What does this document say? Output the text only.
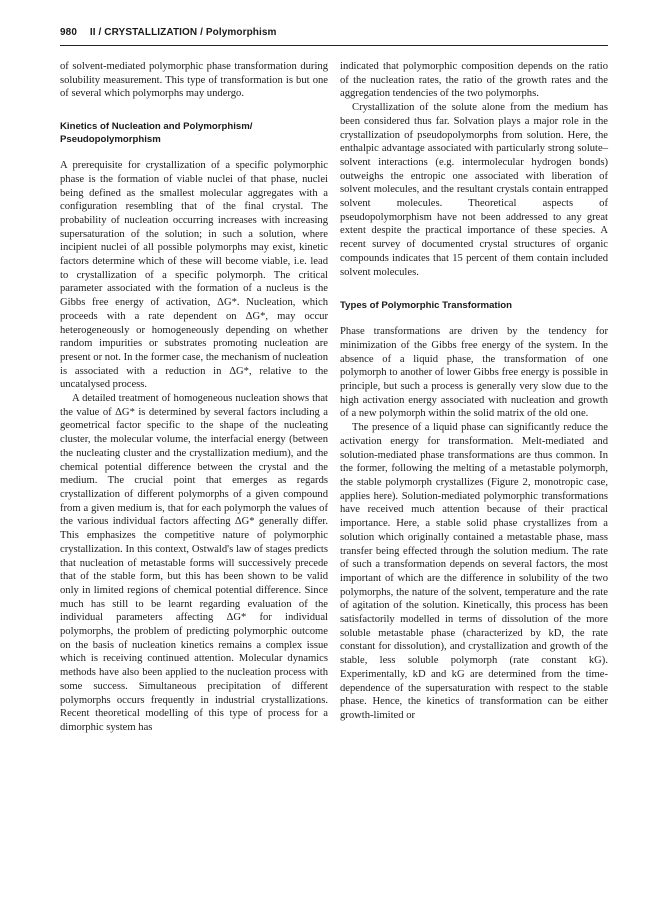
980 II / CRYSTALLIZATION / Polymorphism

of solvent-mediated polymorphic phase transformation during solubility measurement. This type of transformation is but one of several which polymorphs may undergo.

Kinetics of Nucleation and Polymorphism/ Pseudopolymorphism

A prerequisite for crystallization of a specific polymorphic phase is the formation of viable nuclei of that phase, nuclei being defined as the smallest molecular aggregates with a configuration resembling that of the final crystal. The probability of nucleation occurring increases with increasing supersaturation of the solution; in such a solution, where incipient nuclei of all possible polymorphs may exist, kinetic factors determine which of these will become viable, i.e. lead to crystallization of a specific polymorph. The critical parameter associated with the formation of a nucleus is the Gibbs free energy of activation, ΔG*. Nucleation, which proceeds with a rate dependent on ΔG*, may occur heterogeneously or homogeneously depending on whether random impurities or substrates promoting nucleation are present or not. In the former case, the mechanism of nucleation is associated with a reduction in ΔG*, relative to the uncatalysed process.

A detailed treatment of homogeneous nucleation shows that the value of ΔG* is determined by several factors including a geometrical factor specific to the shape of the nucleating cluster, the molecular volume, the interfacial energy (between the nucleating cluster and the crystallization medium), and the chemical potential difference between the crystal and the medium. The crucial point that emerges as regards crystallization of different polymorphs of a given compound from a given medium is, that for each polymorph the values of the various individual factors affecting ΔG* generally differ. This emphasizes the competitive nature of polymorphic crystallization. In this context, Ostwald's law of stages predicts that nucleation of metastable forms will successively precede that of the stable form, but this has been shown to be valid only in limited regions of chemical potential difference. Since much has still to be learnt regarding evaluation of the individual parameters affecting ΔG* for individual polymorphs, the problem of predicting polymorphic outcome on the basis of nucleation kinetics remains a complex issue which is receiving continued attention. Molecular dynamics methods have also been applied to the nucleation process with some success. Simultaneous precipitation of different polymorphs occurs frequently in industrial crystallizations. Recent theoretical modelling of this type of process for a dimorphic system has

indicated that polymorphic composition depends on the ratio of the nucleation rates, the ratio of the growth rates and the aggregation tendencies of the two polymorphs.

Crystallization of the solute alone from the medium has been considered thus far. Solvation plays a major role in the crystallization of pseudopolymorphs from solution. Here, the enthalpic advantage associated with particularly strong solute–solvent interactions (e.g. intermolecular hydrogen bonds) outweighs the entropic one associated with liberation of solvent molecules, and the resultant crystals contain entrapped solvent molecules. Theoretical aspects of pseudopolymorphism have not been addressed to any great extent despite the practical importance of these species. A recent survey of documented crystal structures of organic compounds indicates that 15 percent of them contain included solvent molecules.

Types of Polymorphic Transformation

Phase transformations are driven by the tendency for minimization of the Gibbs free energy of the system. In the absence of a liquid phase, the transformation of one polymorph to another of lower Gibbs free energy is possible in principle, but such a process is generally very slow due to the high activation energy associated with nucleation and growth of a new polymorph within the solid matrix of the old one.

The presence of a liquid phase can significantly reduce the activation energy for transformation. Melt-mediated and solution-mediated phase transformations are thus common. In the former, following the melting of a metastable polymorph, the stable polymorph crystallizes (Figure 2, monotropic case, applies here). Solution-mediated polymorphic transformations have received much attention because of their practical importance. Here, a stable solid phase crystallizes from a solution which originally contained a metastable phase, mass transfer being effected through the solution medium. The rate of such a transformation depends on several factors, the most important of which are the difference in solubility of the two polymorphs, the nature of the solvent, temperature and the rate of agitation of the solution. Kinetically, this process has been satisfactorily modelled in terms of dissolution of the more soluble metastable phase (characterized by kD, the rate constant for dissolution), and crystallization and growth of the stable, less soluble polymorph (rate constant kG). Experimentally, kD and kG are determined from the time-dependence of the supersaturation with respect to the stable phase. Hence, the kinetics of transformation can be either growth-limited or
